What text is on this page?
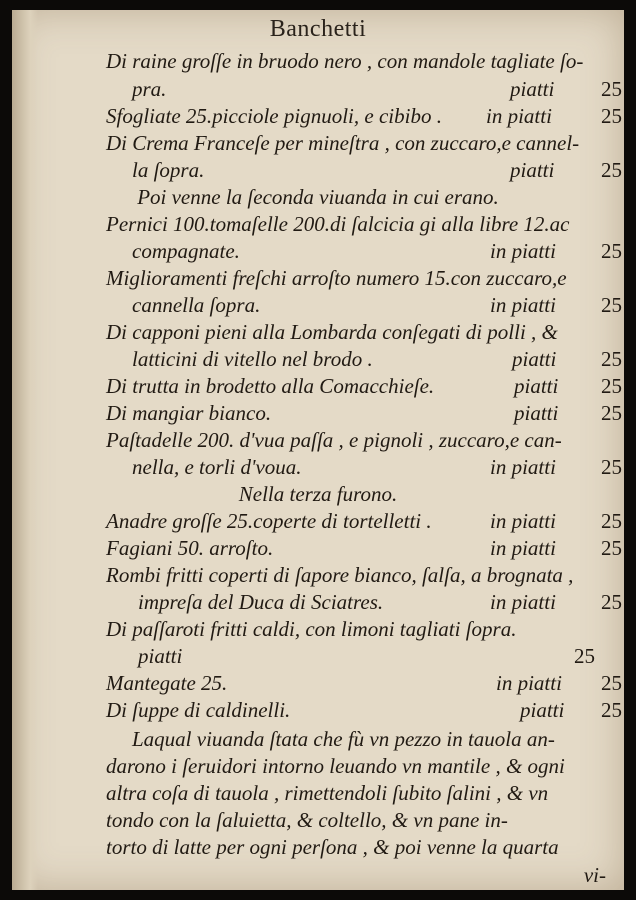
Banchetti
Di raine groſſe in bruodo nero , con mandole tagliate ſo-
pra.	piatti 25
Sfogliate 25.picciole pignuoli, e cibibo . in piatti 25
Di Crema Franceſe per mineſtra , con zuccaro,e cannel-
la ſopra.	piatti 25
Poi venne la ſeconda viuanda in cui erano.
Pernici 100.tomaſelle 200.di ſalcicia gi alla libre 12.ac
compagnate.	in piatti 25
Miglioramenti freſchi arroſto numero 15.con zuccaro,e
cannella ſopra.	in piatti 25
Di capponi pieni alla Lombarda conſegati di polli , &
latticini di vitello nel brodo .	piatti 25
Di trutta in brodetto alla Comacchieſe.	piatti 25
Di mangiar bianco.	piatti 25
Paſtadelle 200. d'vua paſſa , e pignoli , zuccaro,e can-
nella, e torli d'voua.	in piatti 25
Nella terza furono.
Anadre groſſe 25.coperte di tortelletti .	in piatti 25
Fagiani 50. arroſto.	in piatti 25
Rombi fritti coperti di ſapore bianco, ſalſa, a brognata ,
impreſa del Duca di Sciatres.	in piatti 25
Di paſſaroti fritti caldi, con limoni tagliati ſopra.
piatti	25
Mantegate 25.	in piatti 25
Di ſuppe di caldinelli.	piatti 25
Laqual viuanda ſtata che fù vn pezzo in tauola an-
darono i ſeruidori intorno leuando vn mantile , & ogni
altra coſa di tauola , rimettendoli ſubito ſalini , & vn
tondo con la ſaluietta, & coltello, & vn pane in-
torto di latte per ogni perſona , & poi venne la quarta
vi-
